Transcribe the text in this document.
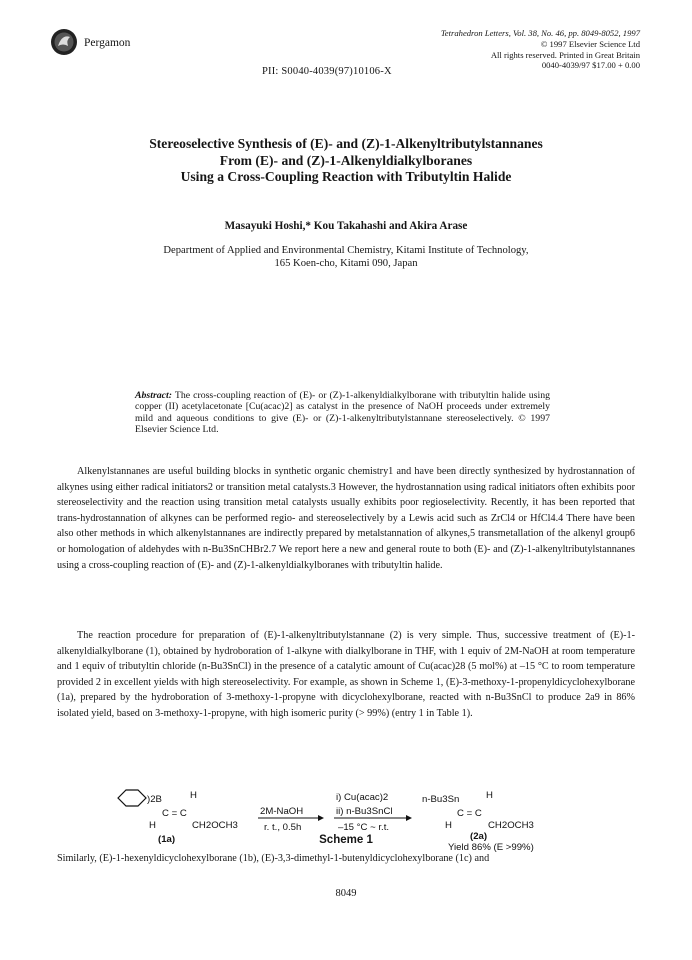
Pergamon
Tetrahedron Letters, Vol. 38, No. 46, pp. 8049-8052, 1997
© 1997 Elsevier Science Ltd
All rights reserved. Printed in Great Britain
0040-4039/97 $17.00 + 0.00
PII: S0040-4039(97)10106-X
Stereoselective Synthesis of (E)- and (Z)-1-Alkenyltributylstannanes
From (E)- and (Z)-1-Alkenyldialkylboranes
Using a Cross-Coupling Reaction with Tributyltin Halide
Masayuki Hoshi,* Kou Takahashi and Akira Arase
Department of Applied and Environmental Chemistry, Kitami Institute of Technology,
165 Koen-cho, Kitami 090, Japan
Abstract: The cross-coupling reaction of (E)- or (Z)-1-alkenyldialkylborane with tributyltin halide using copper (II) acetylacetonate [Cu(acac)2] as catalyst in the presence of NaOH proceeds under extremely mild and aqueous conditions to give (E)- or (Z)-1-alkenyltributylstannane stereoselectively. © 1997 Elsevier Science Ltd.
Alkenylstannanes are useful building blocks in synthetic organic chemistry1 and have been directly synthesized by hydrostannation of alkynes using either radical initiators2 or transition metal catalysts.3 However, the hydrostannation using radical initiators often exhibits poor stereoselectivity and the reaction using transition metal catalysts usually exhibits poor regioselectivity. Recently, it has been reported that trans-hydrostannation of alkynes can be performed regio- and stereoselectively by a Lewis acid such as ZrCl4 or HfCl4.4 There have been also other methods in which alkenylstannanes are indirectly prepared by metalstannation of alkynes,5 transmetallation of the alkenyl group6 or homologation of aldehydes with n-Bu3SnCHBr2.7 We report here a new and general route to both (E)- and (Z)-1-alkenyltributylstannanes using a cross-coupling reaction of (E)- and (Z)-1-alkenyldialkylboranes with tributyltin halide.
The reaction procedure for preparation of (E)-1-alkenyltributylstannane (2) is very simple. Thus, successive treatment of (E)-1-alkenyldialkylborane (1), obtained by hydroboration of 1-alkyne with dialkylborane in THF, with 1 equiv of 2M-NaOH at room temperature and 1 equiv of tributyltin chloride (n-Bu3SnCl) in the presence of a catalytic amount of Cu(acac)28 (5 mol%) at –15 °C to room temperature provided 2 in excellent yields with high stereoselectivity. For example, as shown in Scheme 1, (E)-3-methoxy-1-propenyldicyclohexylborane (1a), prepared by the hydroboration of 3-methoxy-1-propyne with dicyclohexylborane, reacted with n-Bu3SnCl to produce 2a9 in 86% isolated yield, based on 3-methoxy-1-propyne, with high isomeric purity (> 99%) (entry 1 in Table 1).
)2B	H
C = C
H	CH2OCH3
(1a)
2M-NaOH
r. t., 0.5h
i) Cu(acac)2
ii) n-Bu3SnCl
–15 °C ~ r.t.
n-Bu3Sn	H
C = C
H	CH2OCH3
(2a)
Yield 86% (E >99%)
Scheme 1
Similarly, (E)-1-hexenyldicyclohexylborane (1b), (E)-3,3-dimethyl-1-butenyldicyclohexylborane (1c) and
8049
